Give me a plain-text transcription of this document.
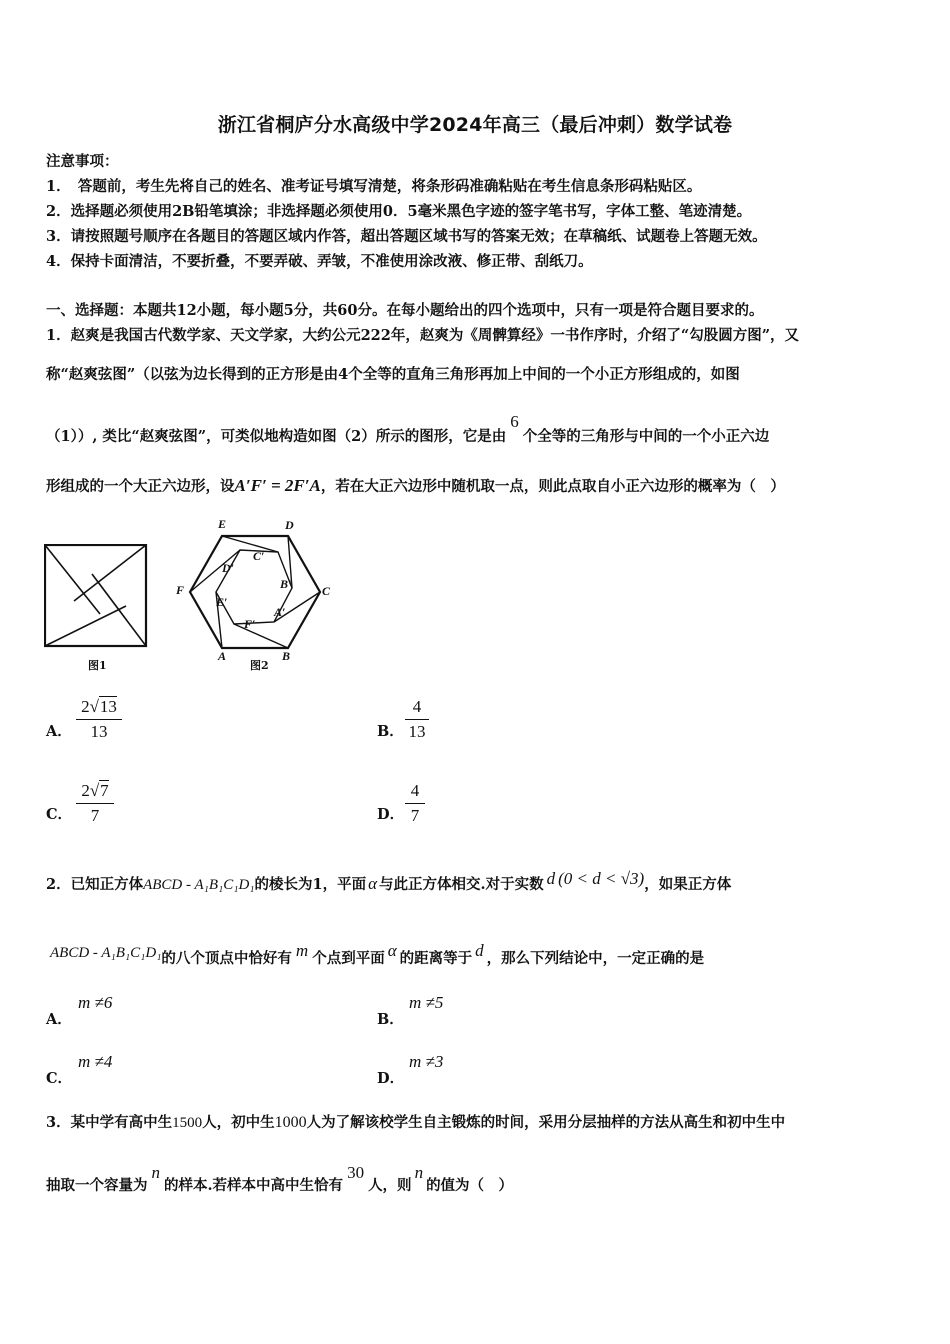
浙江省桐庐分水高级中学2024年高三（最后冲刺）数学试卷
注意事项：
1．　答题前，考生先将自己的姓名、准考证号填写清楚，将条形码准确粘贴在考生信息条形码粘贴区。
2．选择题必须使用2B铅笔填涂；非选择题必须使用0．5毫米黑色字迹的签字笔书写，字体工整、笔迹清楚。
3．请按照题号顺序在各题目的答题区域内作答，超出答题区域书写的答案无效；在草稿纸、试题卷上答题无效。
4．保持卡面清洁，不要折叠，不要弄破、弄皱，不准使用涂改液、修正带、刮纸刀。
一、选择题：本题共12小题，每小题5分，共60分。在每小题给出的四个选项中，只有一项是符合题目要求的。
1．赵爽是我国古代数学家、天文学家，大约公元222年，赵爽为《周髀算经》一书作序时，介绍了“勾股圆方图”，又
称“赵爽弦图”（以弦为边长得到的正方形是由4个全等的直角三角形再加上中间的一个小正方形组成的，如图
（1））, 类比“赵爽弦图”，可类似地构造如图（2）所示的图形，它是由6个全等的三角形与中间的一个小正六边
形组成的一个大正六边形，设A′F′ = 2F′A，若在大正六边形中随机取一点，则此点取自小正六边形的概率为（　）
图1
E	D
F	C
A	B
C′
D′
B′
E′
A′
F′
图2
A．
2√13
13	B．
4
13
C．
2√7
7	D．
4
7
2．已知正方体ABCD - A₁B₁C₁D₁的棱长为1，平面 α 与此正方体相交.对于实数 d (0 < d < √3)，如果正方体
ABCD - A₁B₁C₁D₁的八个顶点中恰好有 m 个点到平面 α 的距离等于 d ，那么下列结论中，一定正确的是
A．
m ≠6
B．
m ≠5
C．
m ≠4
D．
m ≠3
3．某中学有高中生1500人，初中生1000人为了解该校学生自主锻炼的时间，采用分层抽样的方法从高生和初中生中
抽取一个容量为n的样本.若样本中高中生恰有30人，则n的值为（　）
